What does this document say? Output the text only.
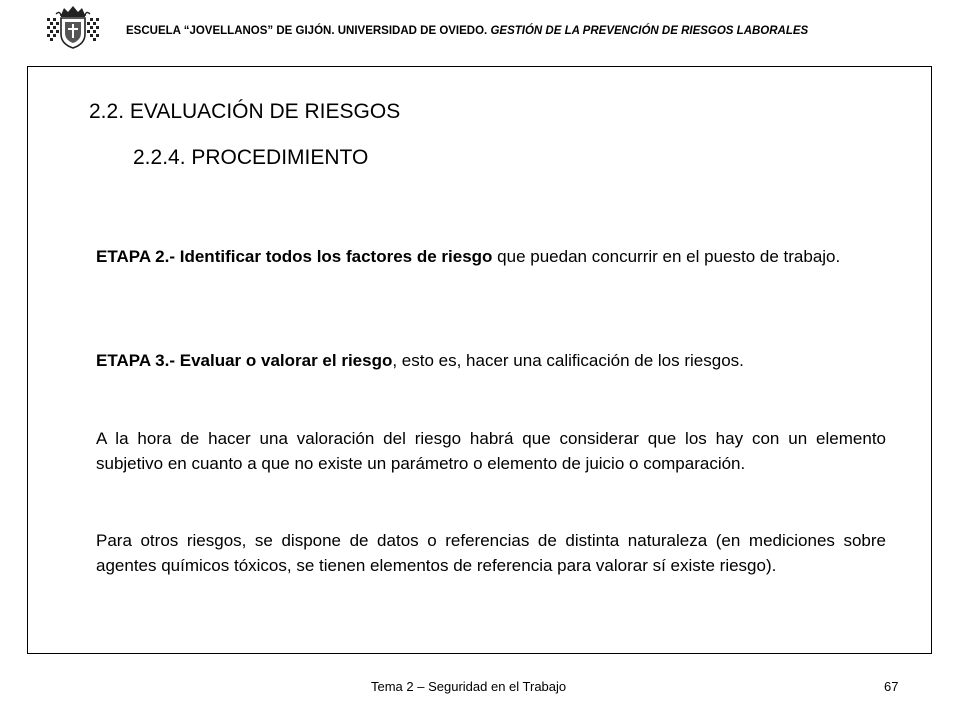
ESCUELA “JOVELLANOS” DE GIJÓN. UNIVERSIDAD DE OVIEDO. GESTIÓN DE LA PREVENCIÓN DE RIESGOS LABORALES
2.2. EVALUACIÓN DE RIESGOS
2.2.4. PROCEDIMIENTO

ETAPA 2.- Identificar todos los factores de riesgo que puedan concurrir en el puesto de trabajo.

ETAPA 3.- Evaluar o valorar el riesgo, esto es, hacer una calificación de los riesgos.

A la hora de hacer una valoración del riesgo habrá que considerar que los hay con un elemento subjetivo en cuanto a que no existe un parámetro o elemento de juicio o comparación.

Para otros riesgos, se dispone de datos o referencias de distinta naturaleza (en mediciones sobre agentes químicos tóxicos, se tienen elementos de referencia para valorar sí existe riesgo).

Tema 2 – Seguridad en el Trabajo	67
